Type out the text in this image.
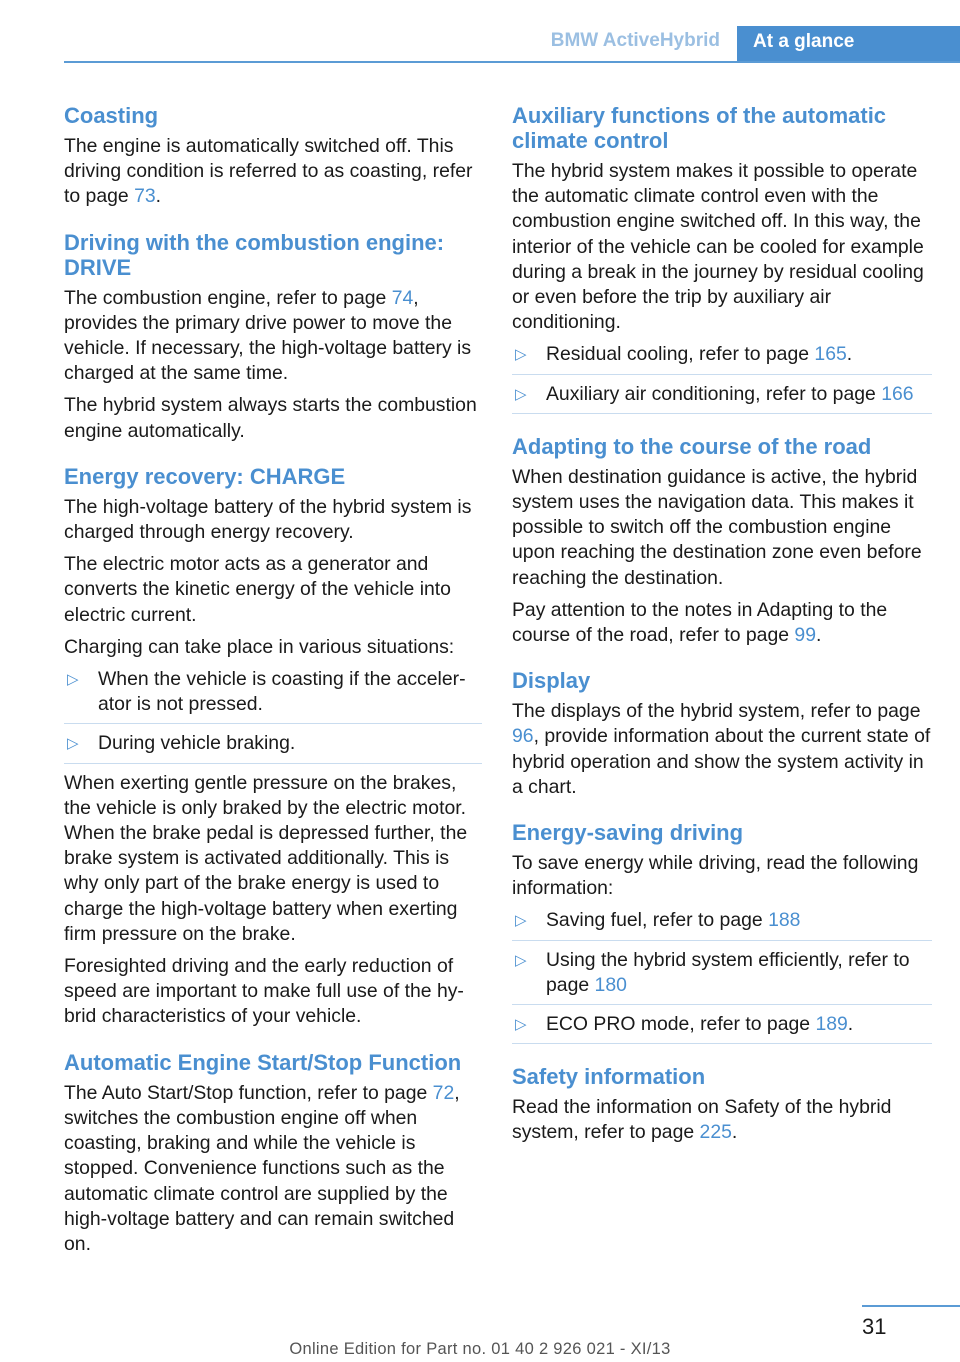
BMW ActiveHybrid	At a glance
Coasting

The engine is automatically switched off. This driving condition is referred to as coasting, refer to page 73.

Driving with the combustion engine: DRIVE

The combustion engine, refer to page 74, provides the primary drive power to move the vehicle. If necessary, the high-voltage battery is charged at the same time.

The hybrid system always starts the combustion engine automatically.

Energy recovery: CHARGE

The high-voltage battery of the hybrid system is charged through energy recovery.

The electric motor acts as a generator and converts the kinetic energy of the vehicle into electric current.

Charging can take place in various situations:

▷ When the vehicle is coasting if the accelerator is not pressed.
▷ During vehicle braking.

When exerting gentle pressure on the brakes, the vehicle is only braked by the electric motor. When the brake pedal is depressed further, the brake system is activated additionally. This is why only part of the brake energy is used to charge the high-voltage battery when exerting firm pressure on the brake.

Foresighted driving and the early reduction of speed are important to make full use of the hybrid characteristics of your vehicle.

Automatic Engine Start/Stop Function

The Auto Start/Stop function, refer to page 72, switches the combustion engine off when coasting, braking and while the vehicle is stopped. Convenience functions such as the automatic climate control are supplied by the high-voltage battery and can remain switched on.

Auxiliary functions of the automatic climate control

The hybrid system makes it possible to operate the automatic climate control even with the combustion engine switched off. In this way, the interior of the vehicle can be cooled for example during a break in the journey by residual cooling or even before the trip by auxiliary air conditioning.

▷ Residual cooling, refer to page 165.
▷ Auxiliary air conditioning, refer to page 166
Adapting to the course of the road

When destination guidance is active, the hybrid system uses the navigation data. This makes it possible to switch off the combustion engine upon reaching the destination zone even before reaching the destination.

Pay attention to the notes in Adapting to the course of the road, refer to page 99.

Display

The displays of the hybrid system, refer to page 96, provide information about the current state of hybrid operation and show the system activity in a chart.

Energy-saving driving

To save energy while driving, read the following information:

▷ Saving fuel, refer to page 188
▷ Using the hybrid system efficiently, refer to page 180
▷ ECO PRO mode, refer to page 189.
Safety information

Read the information on Safety of the hybrid system, refer to page 225.

31
Online Edition for Part no. 01 40 2 926 021 - XI/13
